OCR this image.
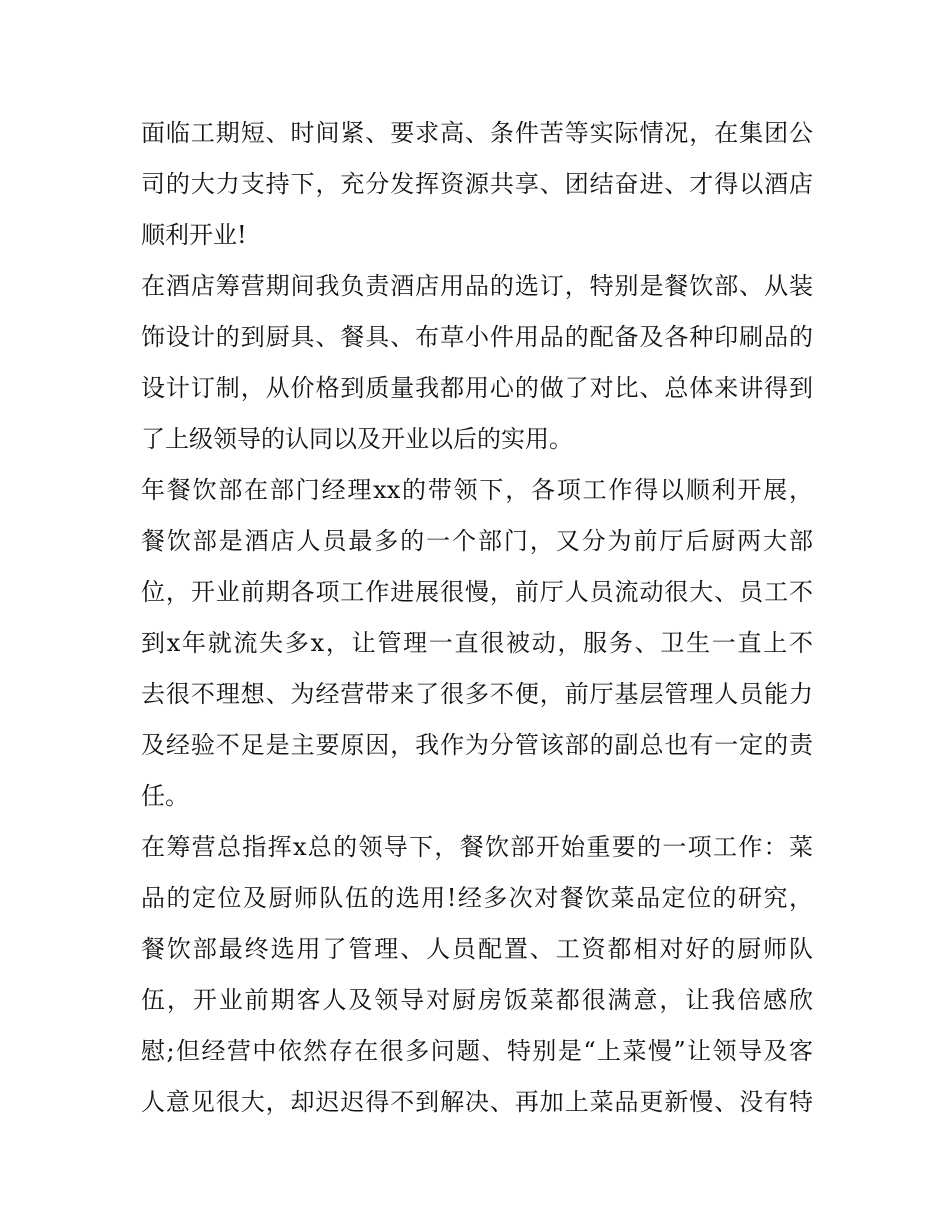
面临工期短、时间紧、要求高、条件苦等实际情况，在集团公
司的大力支持下，充分发挥资源共享、团结奋进、才得以酒店
顺利开业!
在酒店筹营期间我负责酒店用品的选订，特别是餐饮部、从装
饰设计的到厨具、餐具、布草小件用品的配备及各种印刷品的
设计订制，从价格到质量我都用心的做了对比、总体来讲得到
了上级领导的认同以及开业以后的实用。
年餐饮部在部门经理xx的带领下，各项工作得以顺利开展，
餐饮部是酒店人员最多的一个部门，又分为前厅后厨两大部
位，开业前期各项工作进展很慢，前厅人员流动很大、员工不
到x年就流失多x，让管理一直很被动，服务、卫生一直上不
去很不理想、为经营带来了很多不便，前厅基层管理人员能力
及经验不足是主要原因，我作为分管该部的副总也有一定的责
任。
在筹营总指挥x总的领导下，餐饮部开始重要的一项工作：菜
品的定位及厨师队伍的选用!经多次对餐饮菜品定位的研究，
餐饮部最终选用了管理、人员配置、工资都相对好的厨师队
伍，开业前期客人及领导对厨房饭菜都很满意，让我倍感欣
慰;但经营中依然存在很多问题、特别是“上菜慢”让领导及客
人意见很大，却迟迟得不到解决、再加上菜品更新慢、没有特
